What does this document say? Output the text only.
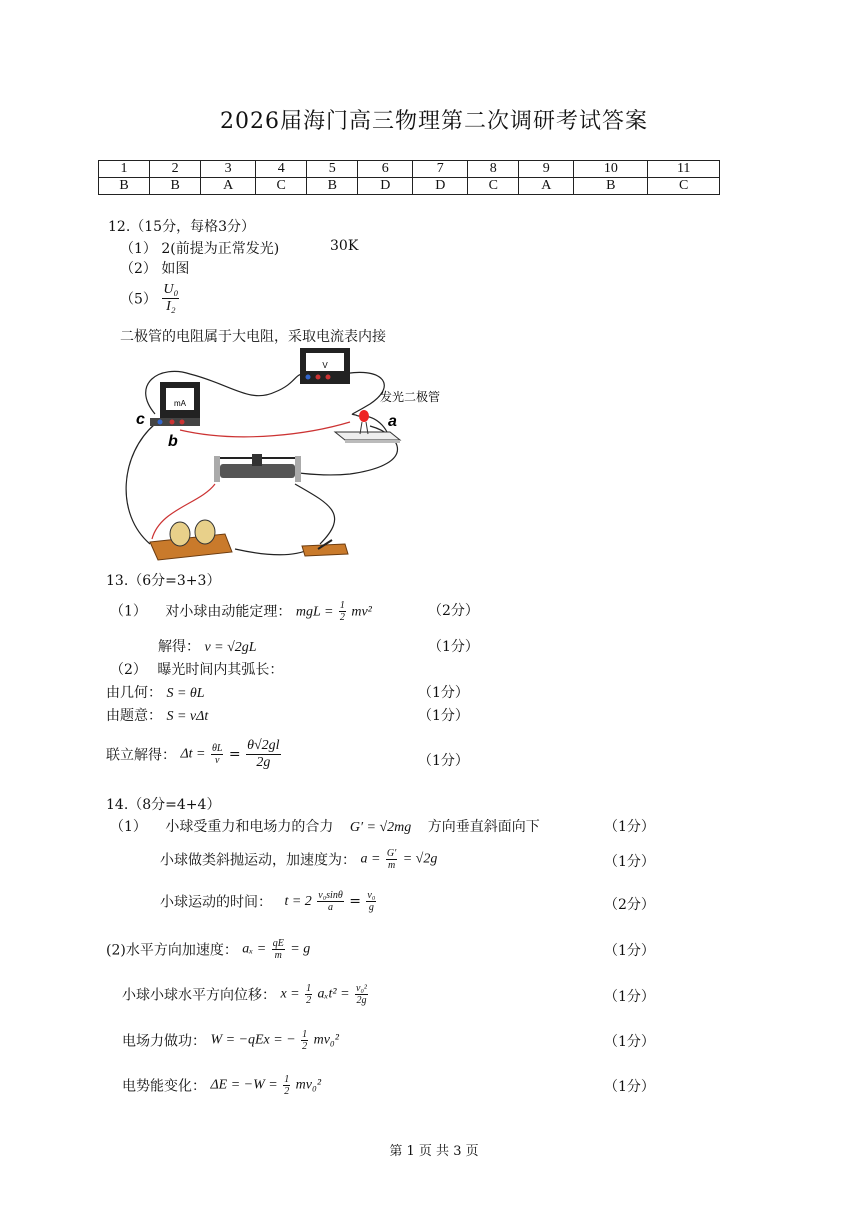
2026届海门高三物理第二次调研考试答案
1	2	3	4	5	6	7	8	9	10	11
B	B	A	C	B	D	D	C	A	B	C
12.（15分，每格3分）
（1） 2(前提为正常发光)	30K
（2） 如图
$(5) \frac{\text{U₀}}{\text{I₂}}$
二极管的电阻属于大电阻，采取电流表内接
mA
V
发光二极管
a
b
c
13.（6分=3+3）
（1） 对小球由动能定理： mgL = $\frac{1}{2} mv^2$	（2分）
解得： v = √2gL	（1分）
（2） 曝光时间内其弧长：
由几何： S = θL	（1分）
由题意： S = vΔt	（1分）
联立解得： $\Delta t = \frac{\theta L}{v} = \frac{\theta√2gl}{2g}$	（1分）
14.（8分=4+4）
（1） 小球受重力和电场力的合力 G′ = √2mg 方向垂直斜面向下	（1分）
小球做类斜抛运动，加速度为： $a = \frac{G'}{m} = √2g$	（1分）
小球运动的时间： $t = 2 \frac{\text{v₀sinθ}}{a} = \frac{\text{v₀}}{g}$	（2分）
(2)水平方向加速度： $a_x = \frac{qE}{m} = g$	（1分）
小球小球水平方向位移： $x = \frac{1}{2} a_xt^2 = \frac{\text{v₀²}}{2g}$	（1分）
电场力做功： W = −qEx = − $\frac{1}{2} mv_0^2$	（1分）
电势能变化： $\Delta E = -W = \frac{1}{2} mv_0^2$	（1分）
第 1 页 共 3 页
